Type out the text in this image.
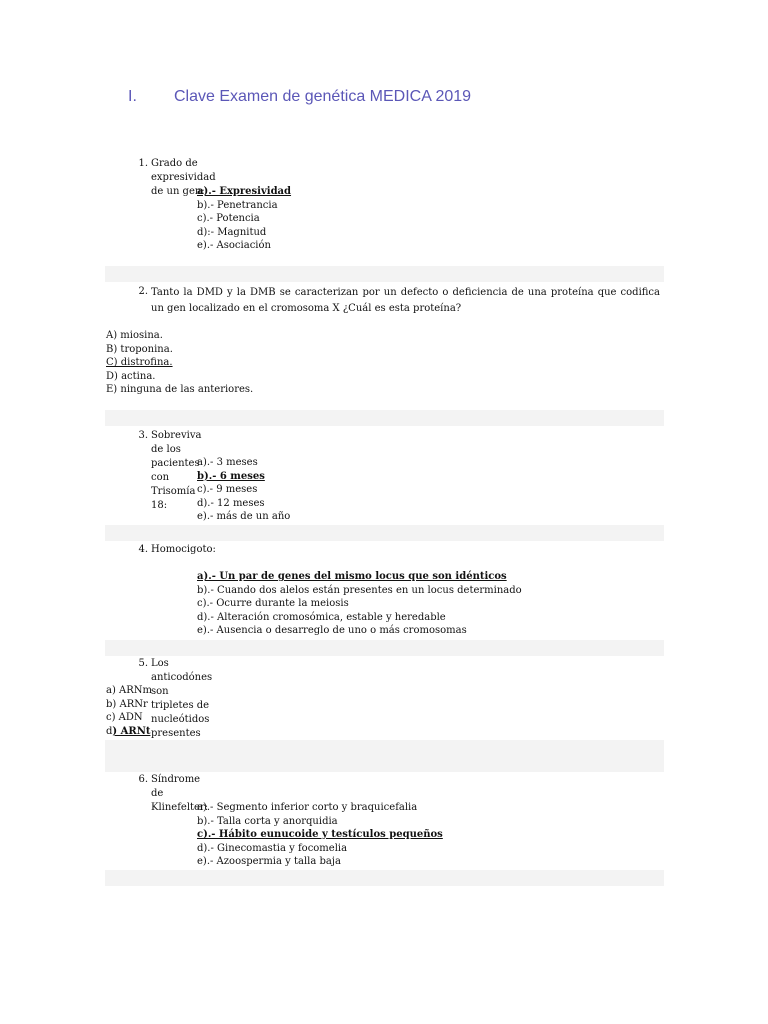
I. Clave Examen de genética MEDICA 2019
1. Grado de expresividad de un gen:
a).- Expresividad
b).- Penetrancia
c).- Potencia
d):- Magnitud
e).- Asociación
2. Tanto la DMD y la DMB se caracterizan por un defecto o deficiencia de una proteína que codifica un gen localizado en el cromosoma X ¿Cuál es esta proteína?
A) miosina.
B) troponina.
C) distrofina.
D) actina.
E) ninguna de las anteriores.
3. Sobreviva de los pacientes con Trisomía 18:
a).- 3 meses
b).- 6 meses
c).- 9 meses
d).- 12 meses
e).- más de un año
4. Homocigoto:
a).- Un par de genes del mismo locus que son idénticos
b).- Cuando dos alelos están presentes en un locus determinado
c).- Ocurre durante la meiosis
d).- Alteración cromosómica, estable y heredable
e).- Ausencia o desarreglo de uno o más cromosomas
5. Los anticodónes son tripletes de nucleótidos presentes
a) ARNm
b) ARNr
c) ADN
d) ARNt
6. Síndrome de Klinefelter:
a).- Segmento inferior corto y braquicefalia
b).- Talla corta y anorquidia
c).- Hábito eunucoide y testículos pequeños
d).- Ginecomastia y focomelia
e).- Azoospermia y talla baja
